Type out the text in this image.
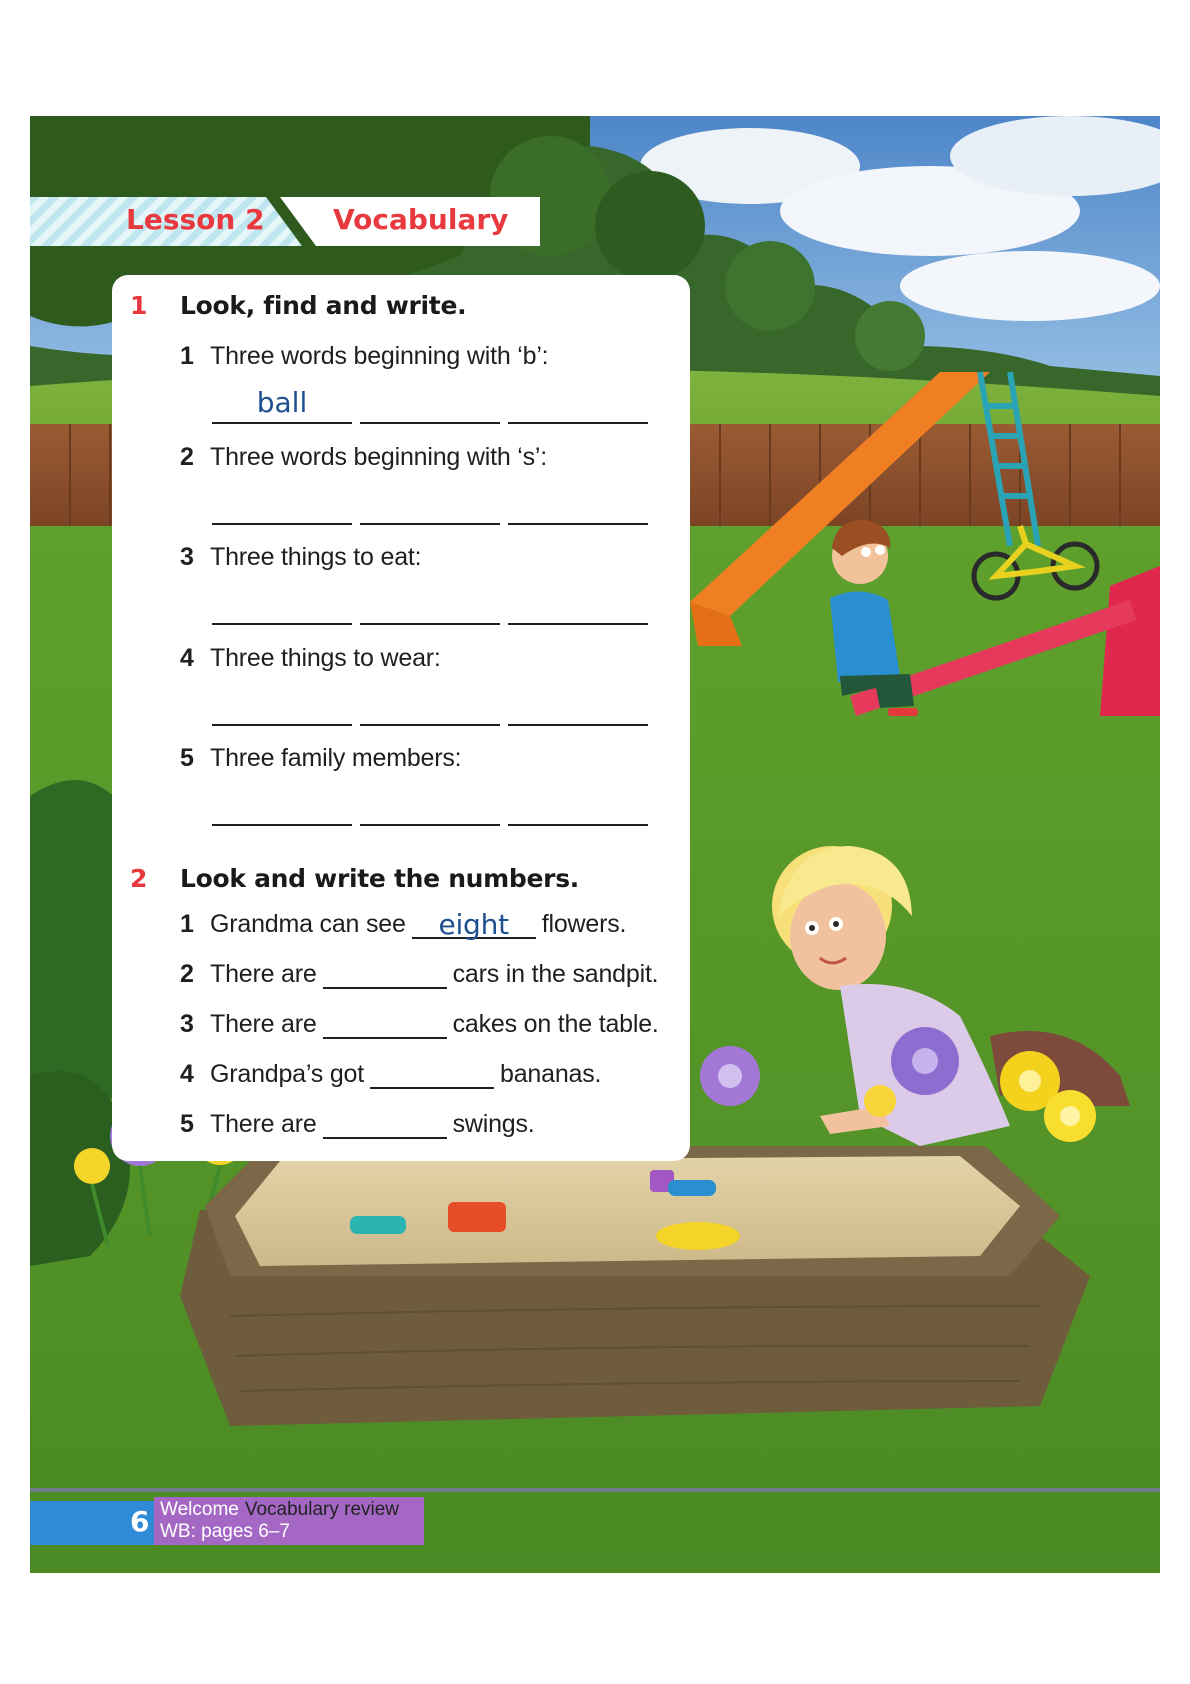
Lesson 2 Vocabulary
1 Look, find and write.
1 Three words beginning with ‘b’:
ball
2 Three words beginning with ‘s’:
3 Three things to eat:
4 Three things to wear:
5 Three family members:
2 Look and write the numbers.
1 Grandma can see eight flowers.
2 There are	cars in the sandpit.
3 There are	cakes on the table.
4 Grandpa’s got	bananas.
5 There are	swings.
6 Welcome Vocabulary review
WB: pages 6–7
